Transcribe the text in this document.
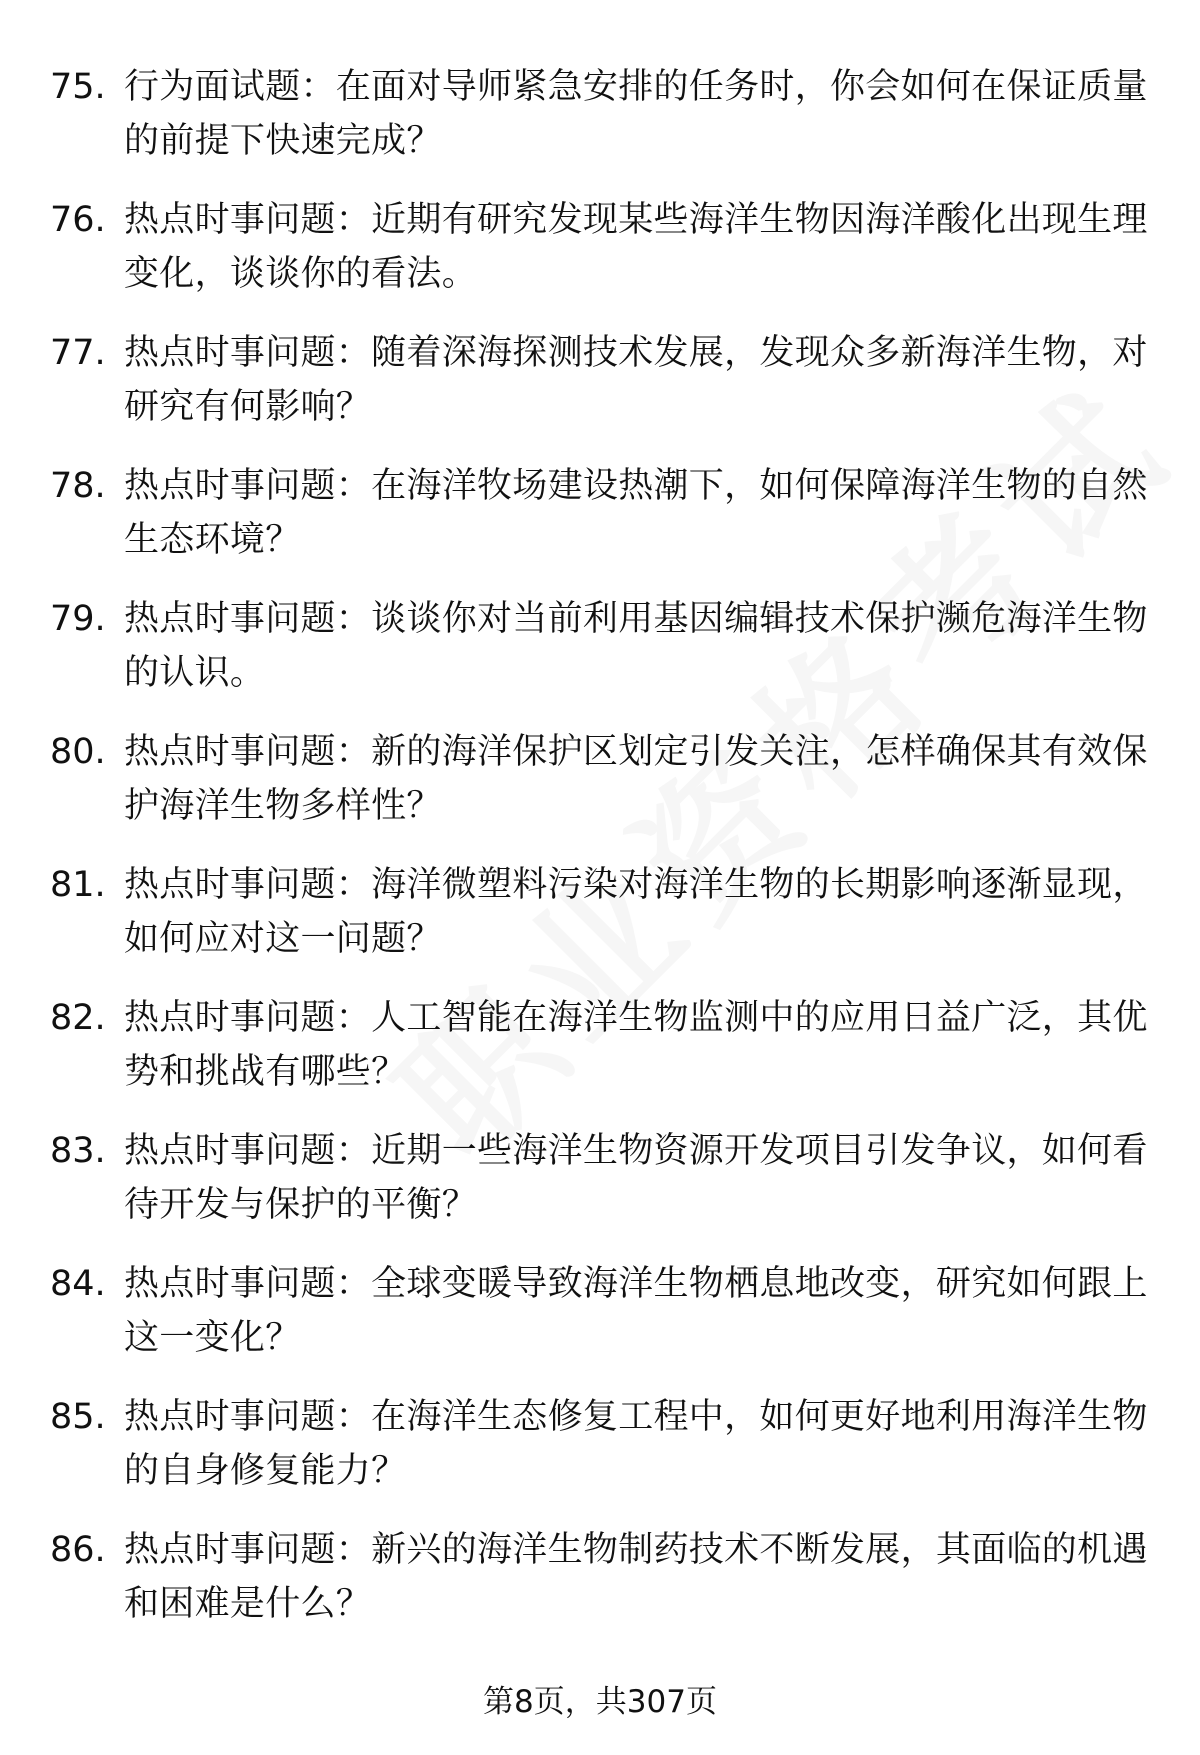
75. 行为面试题：在面对导师紧急安排的任务时，你会如何在保证质量的前提下快速完成？
76. 热点时事问题：近期有研究发现某些海洋生物因海洋酸化出现生理变化，谈谈你的看法。
77. 热点时事问题：随着深海探测技术发展，发现众多新海洋生物，对研究有何影响？
78. 热点时事问题：在海洋牧场建设热潮下，如何保障海洋生物的自然生态环境？
79. 热点时事问题：谈谈你对当前利用基因编辑技术保护濒危海洋生物的认识。
80. 热点时事问题：新的海洋保护区划定引发关注，怎样确保其有效保护海洋生物多样性？
81. 热点时事问题：海洋微塑料污染对海洋生物的长期影响逐渐显现，如何应对这一问题？
82. 热点时事问题：人工智能在海洋生物监测中的应用日益广泛，其优势和挑战有哪些？
83. 热点时事问题：近期一些海洋生物资源开发项目引发争议，如何看待开发与保护的平衡？
84. 热点时事问题：全球变暖导致海洋生物栖息地改变，研究如何跟上这一变化？
85. 热点时事问题：在海洋生态修复工程中，如何更好地利用海洋生物的自身修复能力？
86. 热点时事问题：新兴的海洋生物制药技术不断发展，其面临的机遇和困难是什么？
第8页，共307页
